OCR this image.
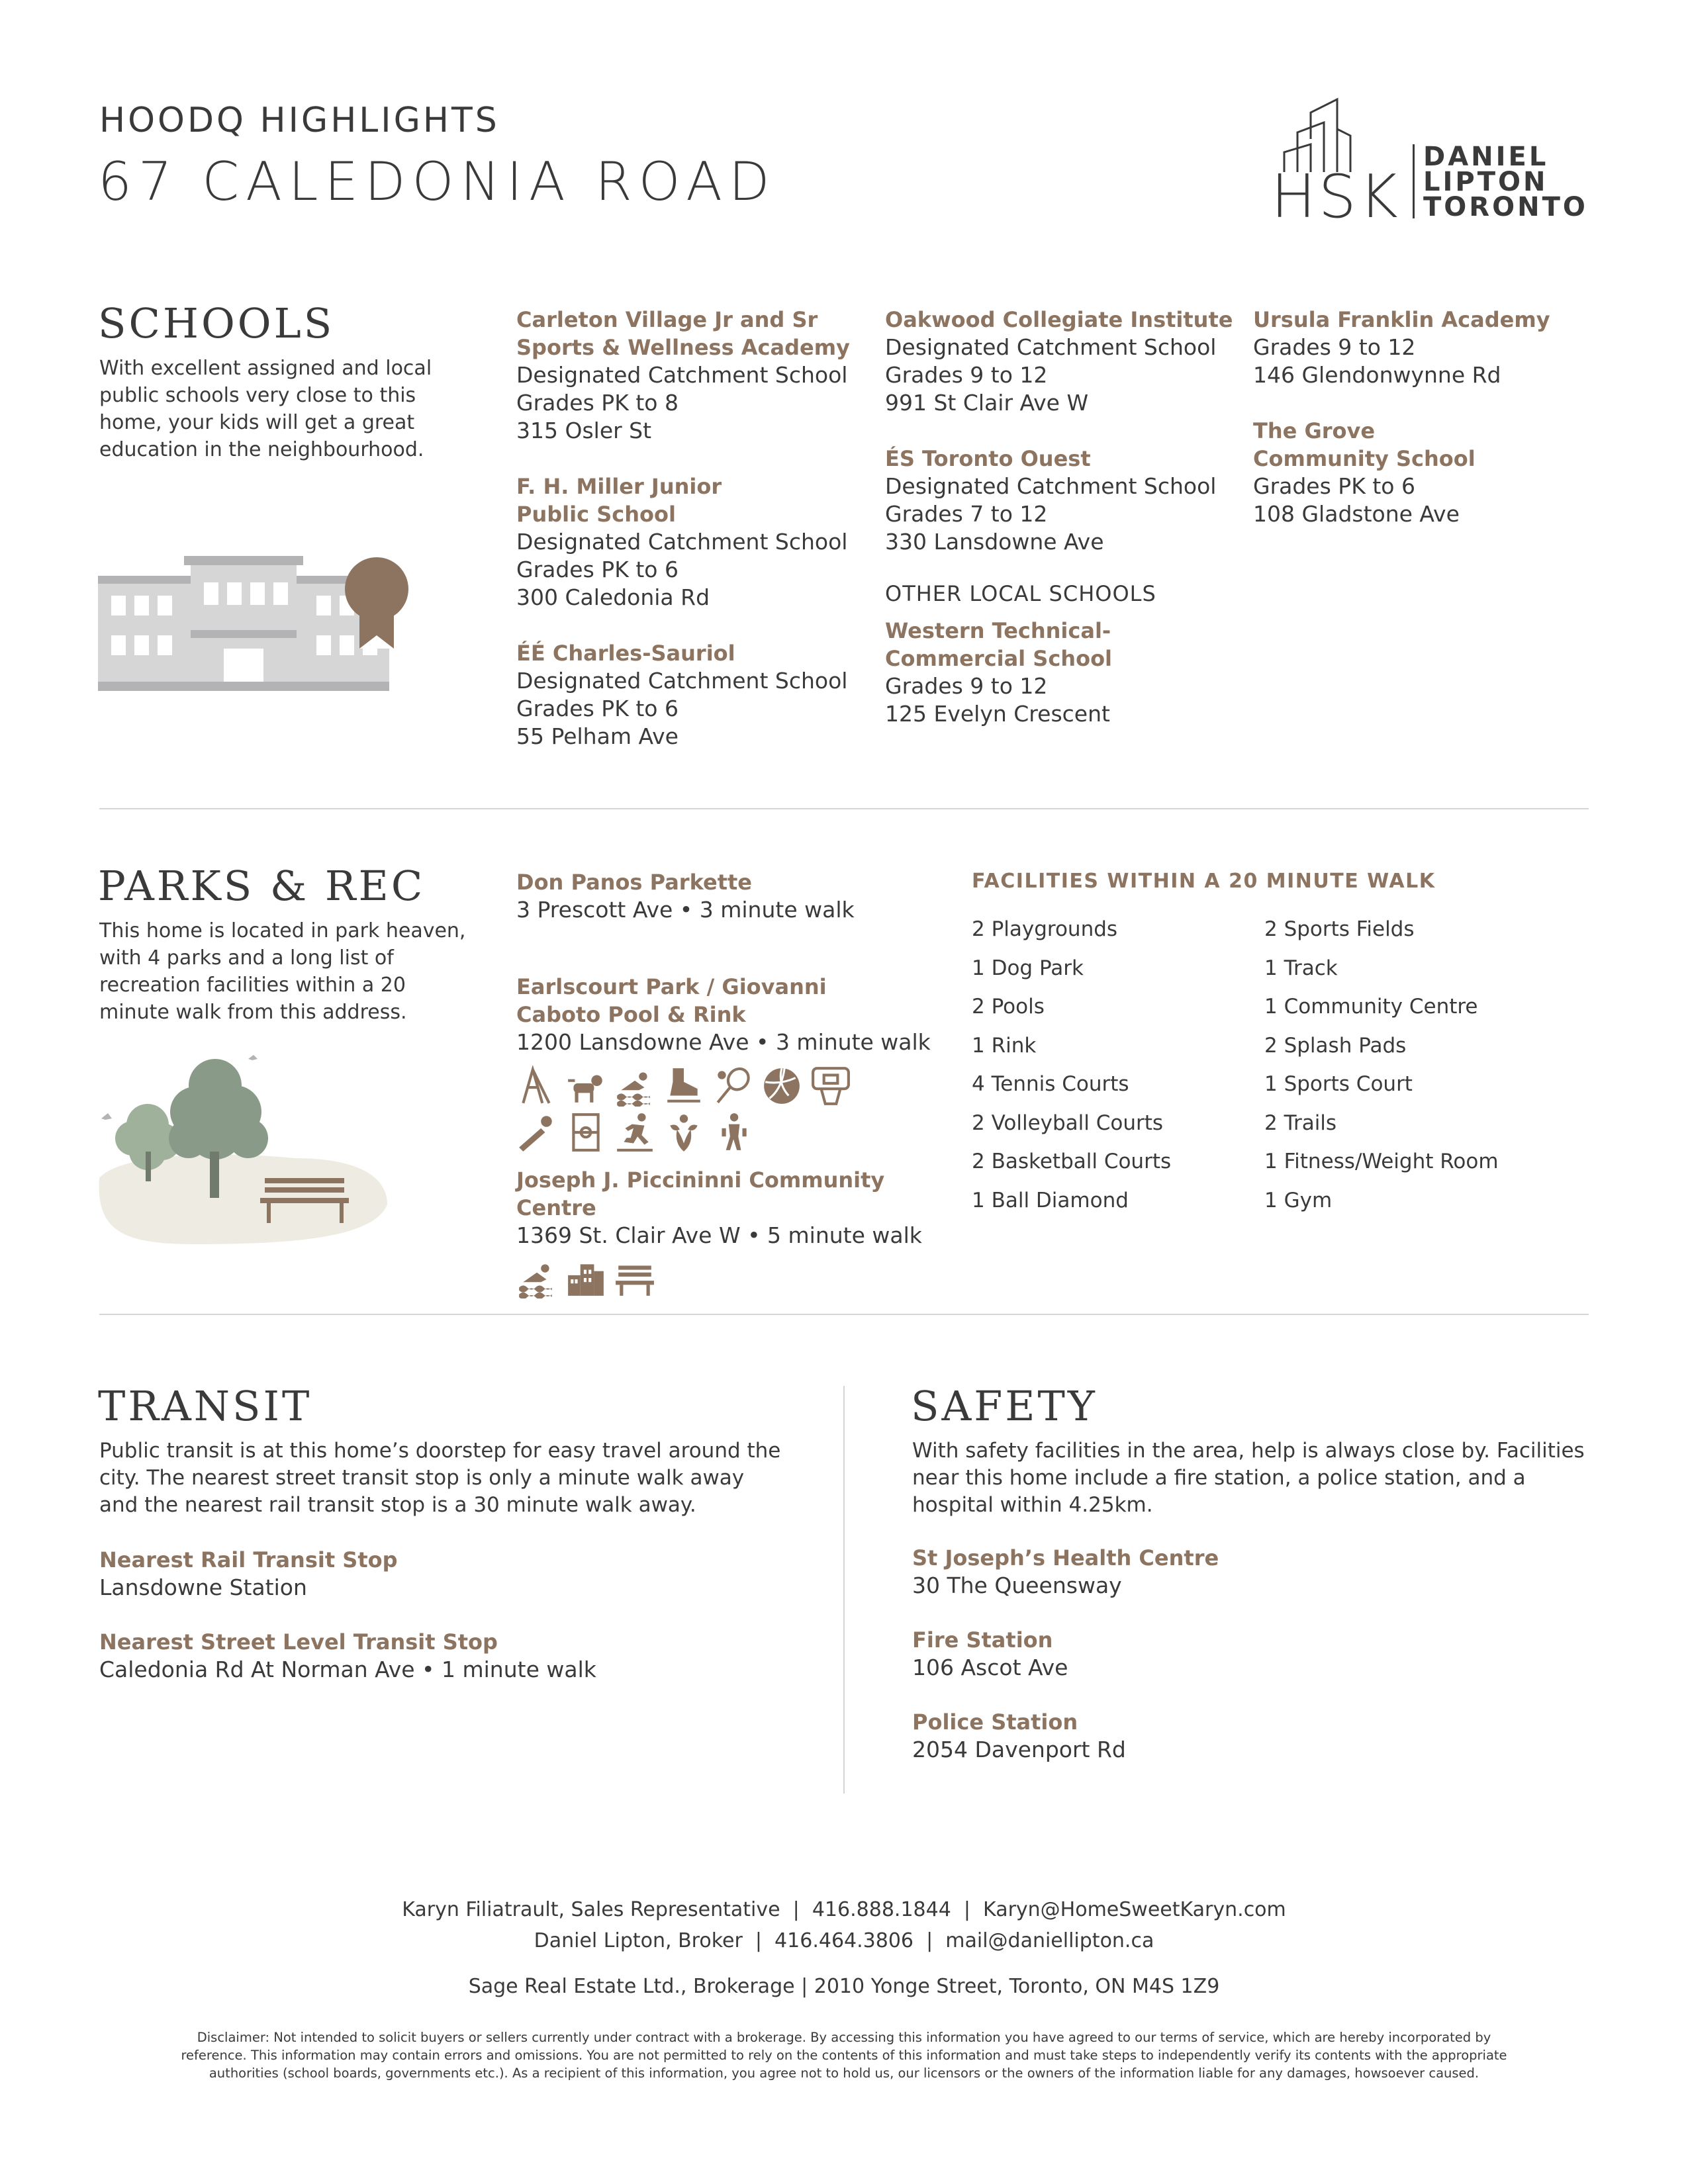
HOODQ HIGHLIGHTS
67 CALEDONIA ROAD	HSK
DANIEL
LIPTON
TORONTO
SCHOOLS
With excellent assigned and local public schools very close to this home, your kids will get a great education in the neighbourhood.
Carleton Village Jr and Sr
Sports & Wellness Academy
Designated Catchment School
Grades PK to 8
315 Osler St
F. H. Miller Junior
Public School
Designated Catchment School
Grades PK to 6
300 Caledonia Rd
ÉÉ Charles-Sauriol
Designated Catchment School
Grades PK to 6
55 Pelham Ave
Oakwood Collegiate Institute
Designated Catchment School
Grades 9 to 12
991 St Clair Ave W
ÉS Toronto Ouest
Designated Catchment School
Grades 7 to 12
330 Lansdowne Ave
OTHER LOCAL SCHOOLS
Western Technical-
Commercial School
Grades 9 to 12
125 Evelyn Crescent
Ursula Franklin Academy
Grades 9 to 12
146 Glendonwynne Rd
The Grove
Community School
Grades PK to 6
108 Gladstone Ave
PARKS & REC
This home is located in park heaven, with 4 parks and a long list of recreation facilities within a 20 minute walk from this address.
Don Panos Parkette
3 Prescott Ave • 3 minute walk
Earlscourt Park / Giovanni
Caboto Pool & Rink
1200 Lansdowne Ave • 3 minute walk
Joseph J. Piccininni Community Centre
1369 St. Clair Ave W • 5 minute walk
FACILITIES WITHIN A 20 MINUTE WALK
2 Playgrounds
1 Dog Park
2 Pools
1 Rink
4 Tennis Courts
2 Volleyball Courts
2 Basketball Courts
1 Ball Diamond
2 Sports Fields
1 Track
1 Community Centre
2 Splash Pads
1 Sports Court
2 Trails
1 Fitness/Weight Room
1 Gym
TRANSIT
Public transit is at this home’s doorstep for easy travel around the city. The nearest street transit stop is only a minute walk away and the nearest rail transit stop is a 30 minute walk away.
Nearest Rail Transit Stop
Lansdowne Station
Nearest Street Level Transit Stop
Caledonia Rd At Norman Ave • 1 minute walk
SAFETY
With safety facilities in the area, help is always close by. Facilities near this home include a fire station, a police station, and a hospital within 4.25km.
St Joseph’s Health Centre
30 The Queensway
Fire Station
106 Ascot Ave
Police Station
2054 Davenport Rd
Karyn Filiatrault, Sales Representative  |  416.888.1844  |  Karyn@HomeSweetKaryn.com
Daniel Lipton, Broker  |  416.464.3806  |  mail@daniellipton.ca
Sage Real Estate Ltd., Brokerage | 2010 Yonge Street, Toronto, ON M4S 1Z9
Disclaimer: Not intended to solicit buyers or sellers currently under contract with a brokerage. By accessing this information you have agreed to our terms of service, which are hereby incorporated by
reference. This information may contain errors and omissions. You are not permitted to rely on the contents of this information and must take steps to independently verify its contents with the appropriate
authorities (school boards, governments etc.). As a recipient of this information, you agree not to hold us, our licensors or the owners of the information liable for any damages, howsoever caused.
